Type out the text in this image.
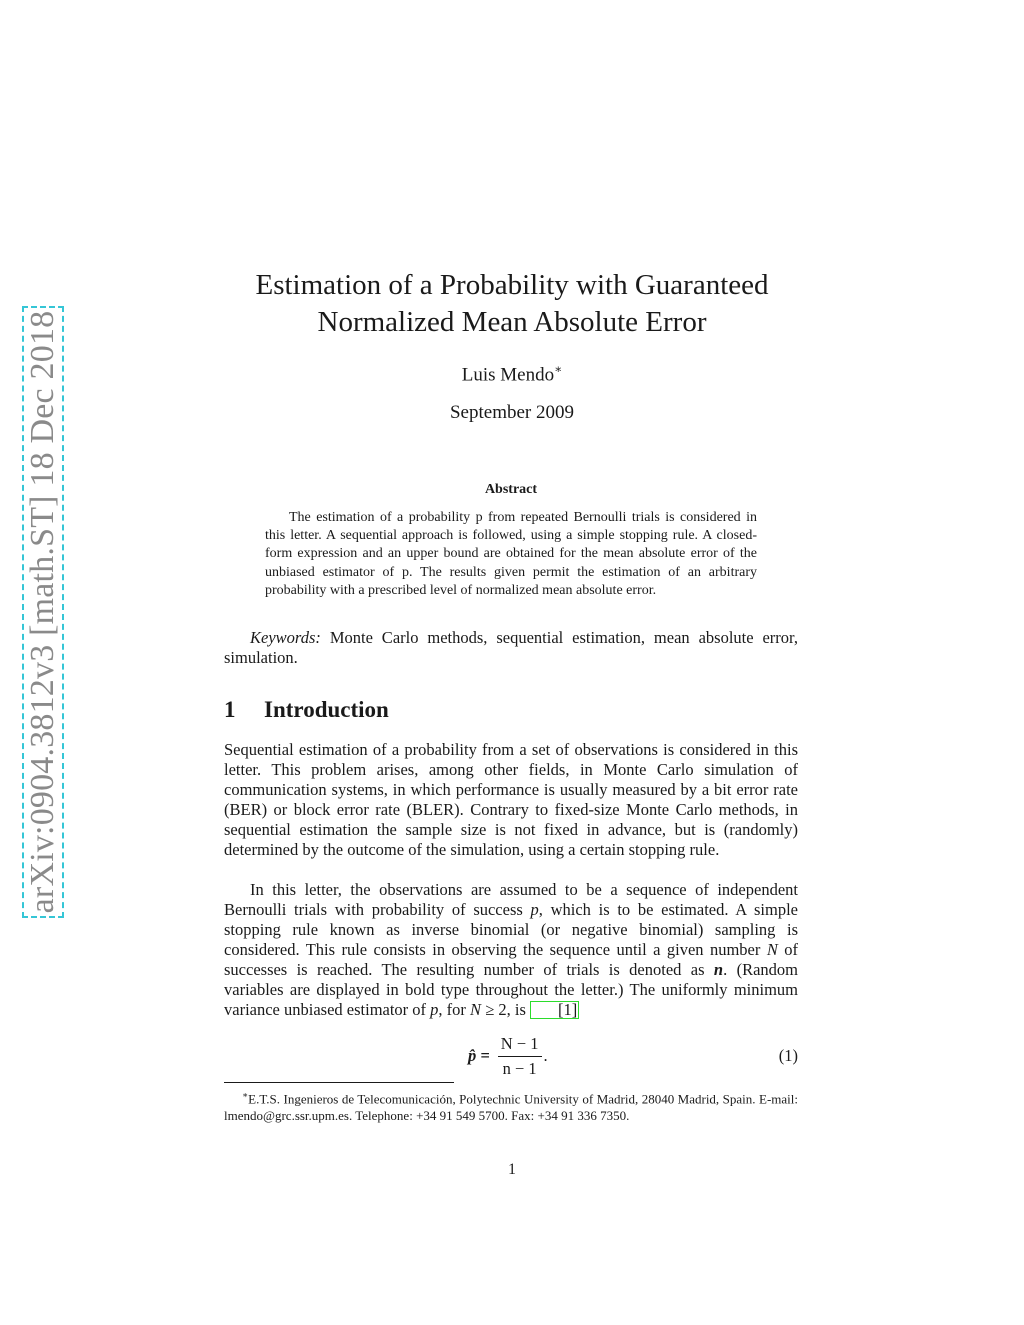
arXiv:0904.3812v3 [math.ST] 18 Dec 2018
Estimation of a Probability with Guaranteed
Normalized Mean Absolute Error
Luis Mendo∗
September 2009
Abstract

The estimation of a probability p from repeated Bernoulli trials is considered in this letter. A sequential approach is followed, using a simple stopping rule. A closed-form expression and an upper bound are obtained for the mean absolute error of the unbiased estimator of p. The results given permit the estimation of an arbitrary probability with a prescribed level of normalized mean absolute error.

Keywords: Monte Carlo methods, sequential estimation, mean absolute error, simulation.

1 Introduction

Sequential estimation of a probability from a set of observations is considered in this letter. This problem arises, among other fields, in Monte Carlo simulation of communication systems, in which performance is usually measured by a bit error rate (BER) or block error rate (BLER). Contrary to fixed-size Monte Carlo methods, in sequential estimation the sample size is not fixed in advance, but is (randomly) determined by the outcome of the simulation, using a certain stopping rule.

In this letter, the observations are assumed to be a sequence of independent Bernoulli trials with probability of success p, which is to be estimated. A simple stopping rule known as inverse binomial (or negative binomial) sampling is considered. This rule consists in observing the sequence until a given number N of successes is reached. The resulting number of trials is denoted as n. (Random variables are displayed in bold type throughout the letter.) The uniformly minimum variance unbiased estimator of p, for N ≥ 2, is [1]

p̂ = $\frac{N - 1}{n - 1}$ .	(1)

∗E.T.S. Ingenieros de Telecomunicación, Polytechnic University of Madrid, 28040 Madrid, Spain. E-mail: lmendo@grc.ssr.upm.es. Telephone: +34 91 549 5700. Fax: +34 91 336 7350.

1
